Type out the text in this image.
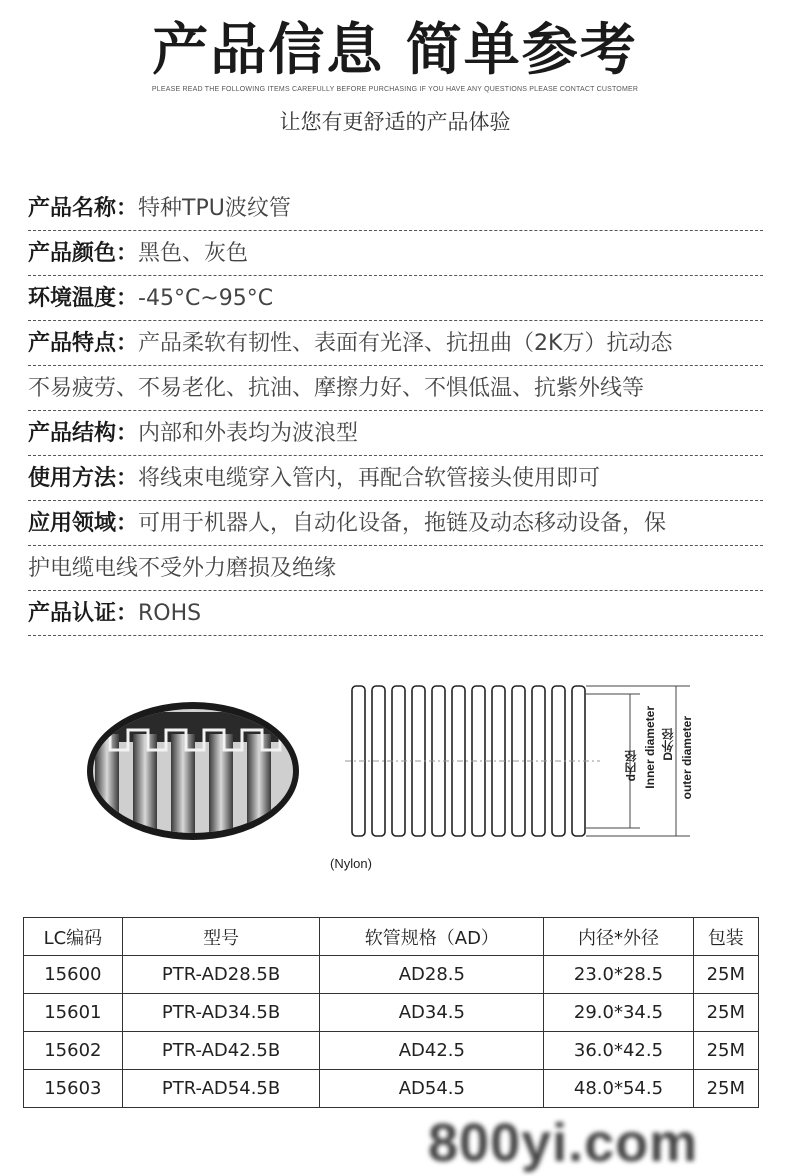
产品信息 简单参考
PLEASE READ THE FOLLOWING ITEMS CAREFULLY BEFORE PURCHASING IF YOU HAVE ANY QUESTIONS PLEASE CONTACT CUSTOMER
让您有更舒适的产品体验
产品名称：特种TPU波纹管
产品颜色：黑色、灰色
环境温度：-45°C~95°C
产品特点：产品柔软有韧性、表面有光泽、抗扭曲（2K万）抗动态
不易疲劳、不易老化、抗油、摩擦力好、不惧低温、抗紫外线等
产品结构：内部和外表均为波浪型
使用方法：将线束电缆穿入管内，再配合软管接头使用即可
应用领域：可用于机器人，自动化设备，拖链及动态移动设备，保
护电缆电线不受外力磨损及绝缘
产品认证：ROHS
(Nylon)
d内径 Inner diameter D外径 outer diameter
LC编码	型号	软管规格（AD）	内径*外径	包装
15600	PTR-AD28.5B	AD28.5	23.0*28.5	25M
15601	PTR-AD34.5B	AD34.5	29.0*34.5	25M
15602	PTR-AD42.5B	AD42.5	36.0*42.5	25M
15603	PTR-AD54.5B	AD54.5	48.0*54.5	25M
800yi.com
